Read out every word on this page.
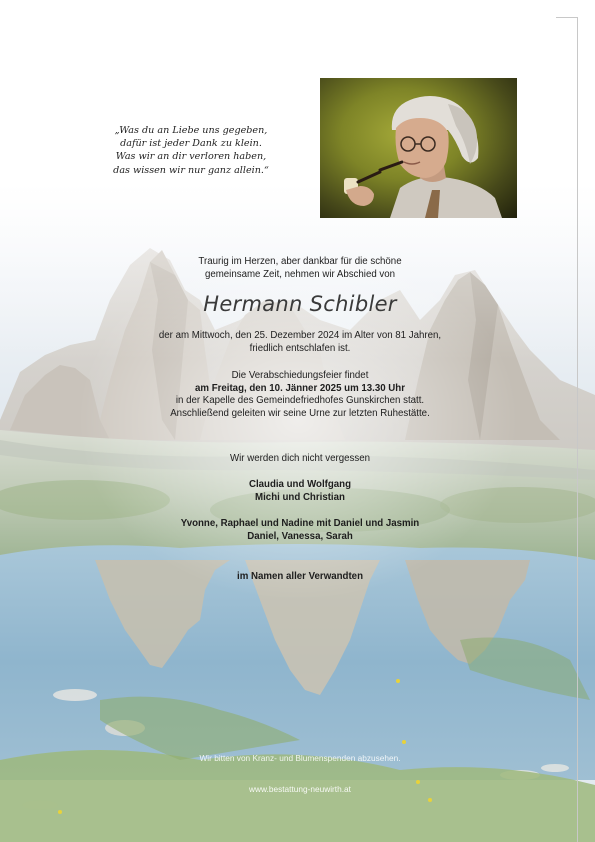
„Was du an Liebe uns gegeben,
dafür ist jeder Dank zu klein.
Was wir an dir verloren haben,
das wissen wir nur ganz allein.“
Traurig im Herzen, aber dankbar für die schöne
gemeinsame Zeit, nehmen wir Abschied von
Hermann Schibler
der am Mittwoch, den 25. Dezember 2024 im Alter von 81 Jahren,
friedlich entschlafen ist.
Die Verabschiedungsfeier findet
am Freitag, den 10. Jänner 2025 um 13.30 Uhr
in der Kapelle des Gemeindefriedhofes Gunskirchen statt.
Anschließend geleiten wir seine Urne zur letzten Ruhestätte.
Wir werden dich nicht vergessen
Claudia und Wolfgang
Michi und Christian
Yvonne, Raphael und Nadine mit Daniel und Jasmin
Daniel, Vanessa, Sarah
im Namen aller Verwandten
Wir bitten von Kranz- und Blumenspenden abzusehen.
www.bestattung-neuwirth.at
